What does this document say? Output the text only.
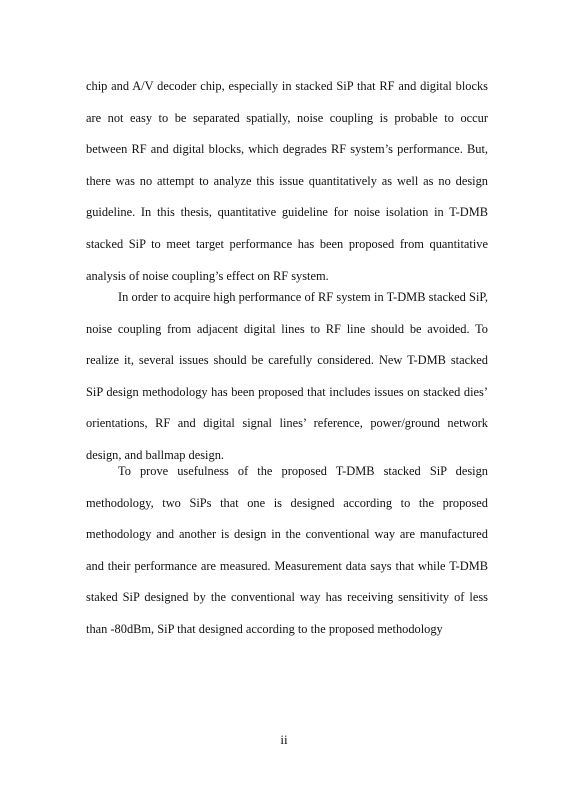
chip and A/V decoder chip, especially in stacked SiP that RF and digital blocks are not easy to be separated spatially, noise coupling is probable to occur between RF and digital blocks, which degrades RF system’s performance. But, there was no attempt to analyze this issue quantitatively as well as no design guideline. In this thesis, quantitative guideline for noise isolation in T-DMB stacked SiP to meet target performance has been proposed from quantitative analysis of noise coupling’s effect on RF system.

In order to acquire high performance of RF system in T-DMB stacked SiP, noise coupling from adjacent digital lines to RF line should be avoided. To realize it, several issues should be carefully considered. New T-DMB stacked SiP design methodology has been proposed that includes issues on stacked dies’ orientations, RF and digital signal lines’ reference, power/ground network design, and ballmap design.

To prove usefulness of the proposed T-DMB stacked SiP design methodology, two SiPs that one is designed according to the proposed methodology and another is design in the conventional way are manufactured and their performance are measured. Measurement data says that while T-DMB staked SiP designed by the conventional way has receiving sensitivity of less than -80dBm, SiP that designed according to the proposed methodology

ii
